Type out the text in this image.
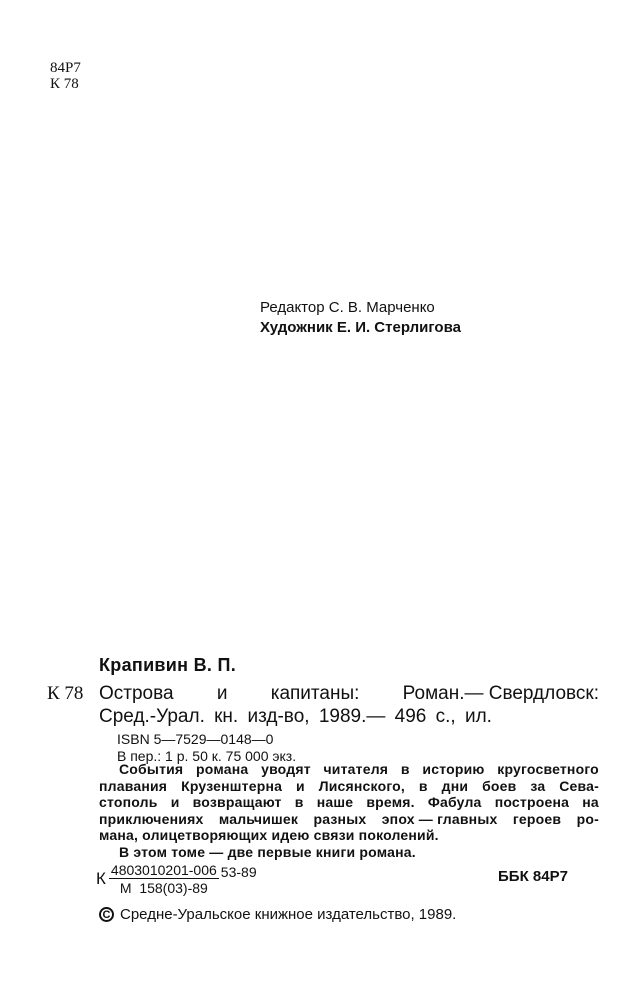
84Р7
К 78
Редактор С. В. Марченко
Художник Е. И. Стерлигова
Крапивин В. П.
К 78 Острова и капитаны: Роман.— Свердловск:
Сред.-Урал. кн. изд-во, 1989.— 496 с., ил.
ISBN 5—7529—0148—0
В пер.: 1 р. 50 к. 75 000 экз.
События романа уводят читателя в историю кругосветного
плавания Крузенштерна и Лисянского, в дни боев за Сева-
стополь и возвращают в наше время. Фабула построена на
приключениях мальчишек разных эпох — главных героев ро-
мана, олицетворяющих идею связи поколений.
В этом томе — две первые книги романа.
К $\frac{4803010201-006}{М 158(03)-89} 53-89$	ББК 84Р7
C Средне-Уральское книжное издательство, 1989.
